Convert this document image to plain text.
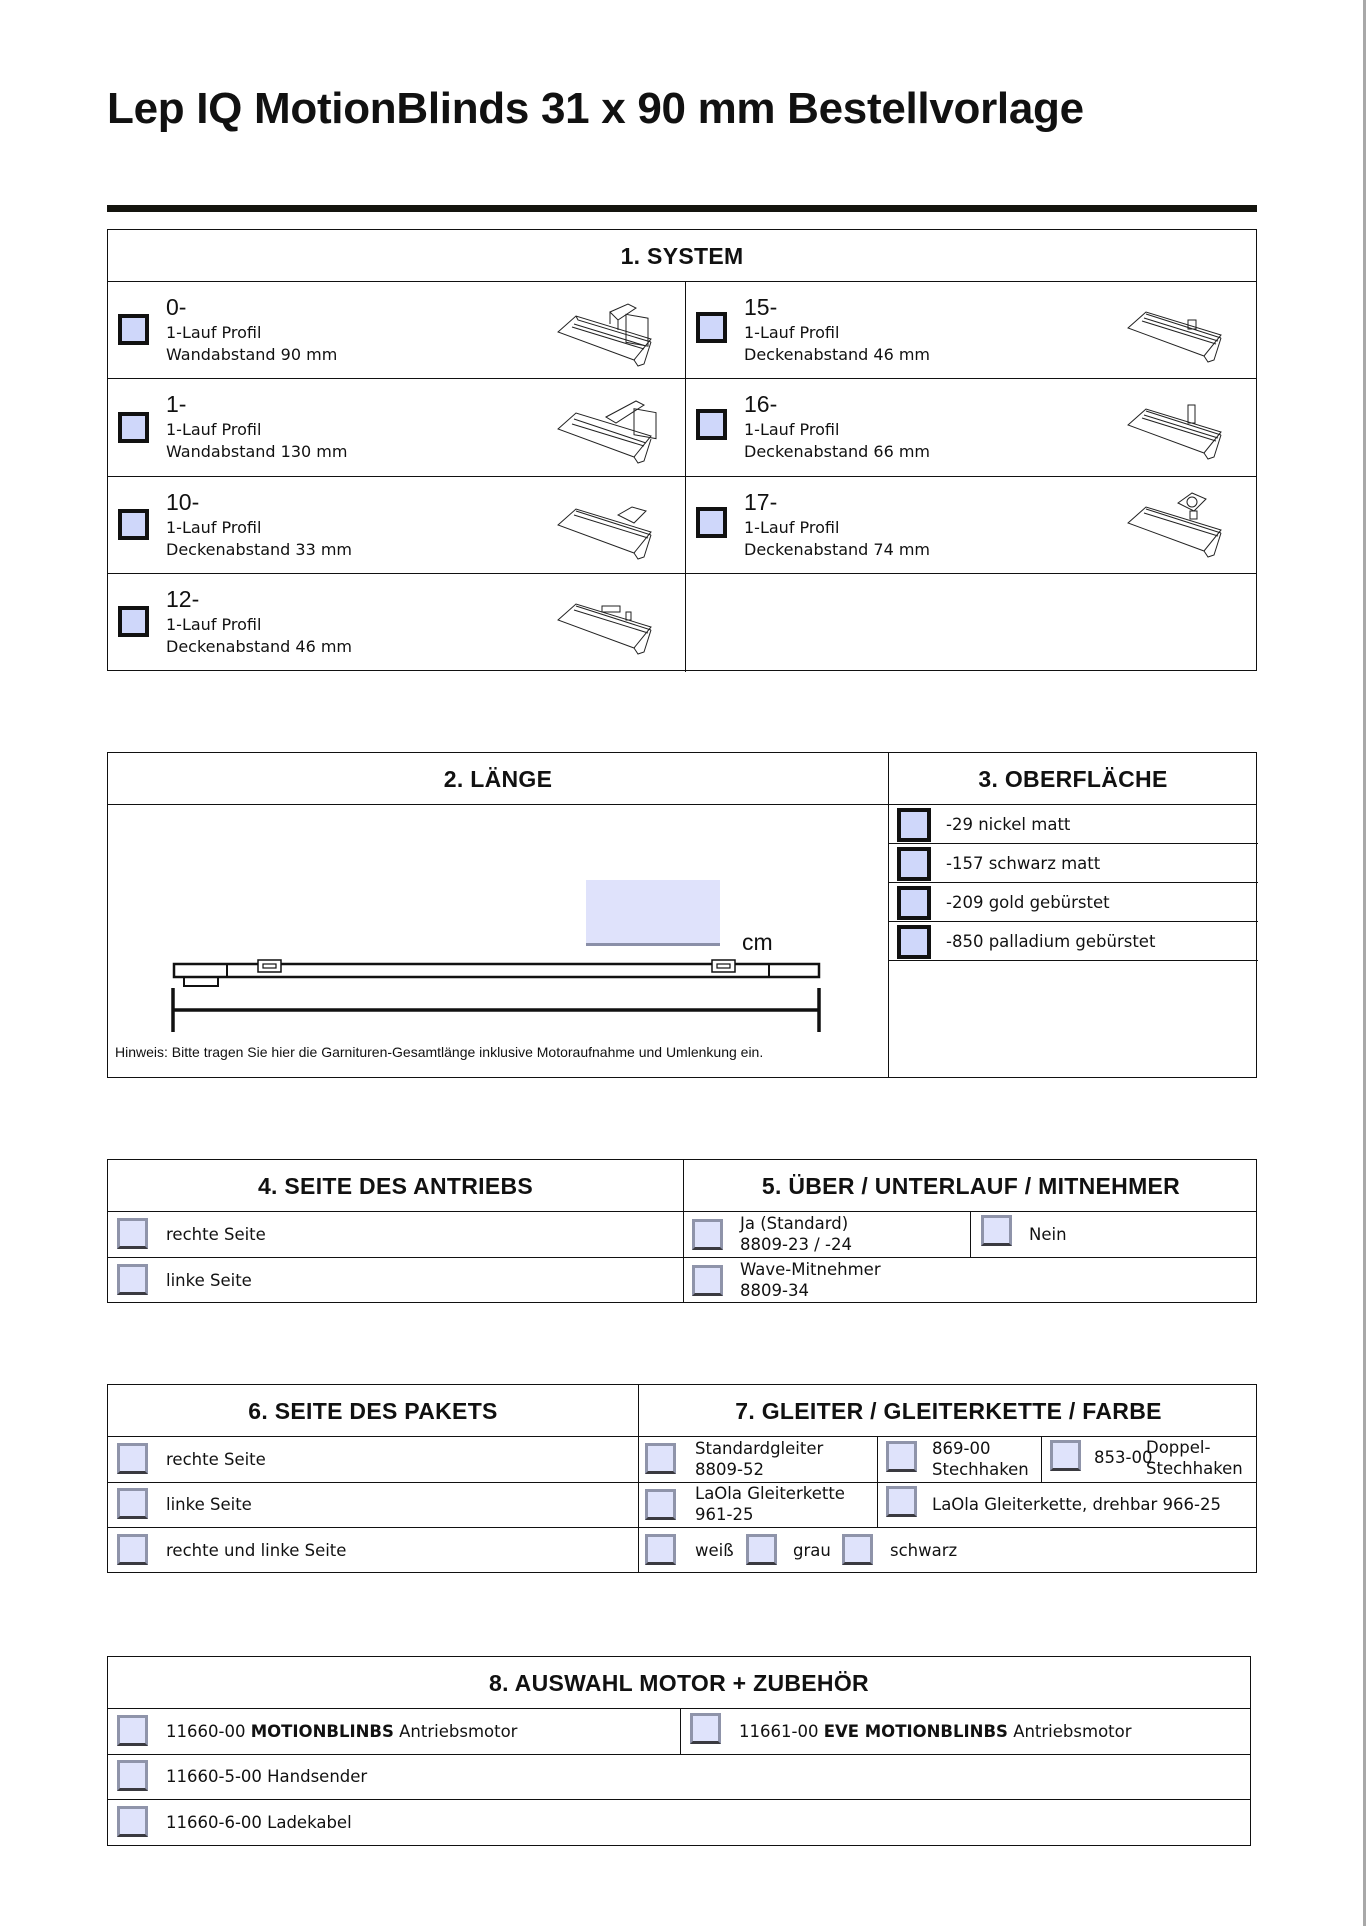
Lep IQ MotionBlinds 31 x 90 mm Bestellvorlage
1. SYSTEM
0-
1-Lauf Profil
Wandabstand 90 mm
15-
1-Lauf Profil
Deckenabstand 46 mm
1-
1-Lauf Profil
Wandabstand 130 mm
16-
1-Lauf Profil
Deckenabstand 66 mm
10-
1-Lauf Profil
Deckenabstand 33 mm
17-
1-Lauf Profil
Deckenabstand 74 mm
12-
1-Lauf Profil
Deckenabstand 46 mm
2. LÄNGE	3. OBERFLÄCHE
-29 nickel matt
-157 schwarz matt
-209 gold gebürstet
-850 palladium gebürstet
cm
Hinweis: Bitte tragen Sie hier die Garnituren-Gesamtlänge inklusive Motoraufnahme und Umlenkung ein.
4. SEITE DES ANTRIEBS	5. ÜBER / UNTERLAUF / MITNEHMER
rechte Seite
linke Seite
Ja (Standard)
8809-23 / -24
Nein
Wave-Mitnehmer
8809-34
6. SEITE DES PAKETS	7. GLEITER / GLEITERKETTE / FARBE
rechte Seite
linke Seite
rechte und linke Seite
Standardgleiter
8809-52
869-00
Stechhaken
853-00
Doppel-
Stechhaken
LaOla Gleiterkette
961-25
LaOla Gleiterkette, drehbar 966-25
weiß	grau	schwarz
8. AUSWAHL MOTOR + ZUBEHÖR
11660-00 MOTIONBLINBS Antriebsmotor	11661-00 EVE MOTIONBLINBS Antriebsmotor
11660-5-00 Handsender
11660-6-00 Ladekabel
